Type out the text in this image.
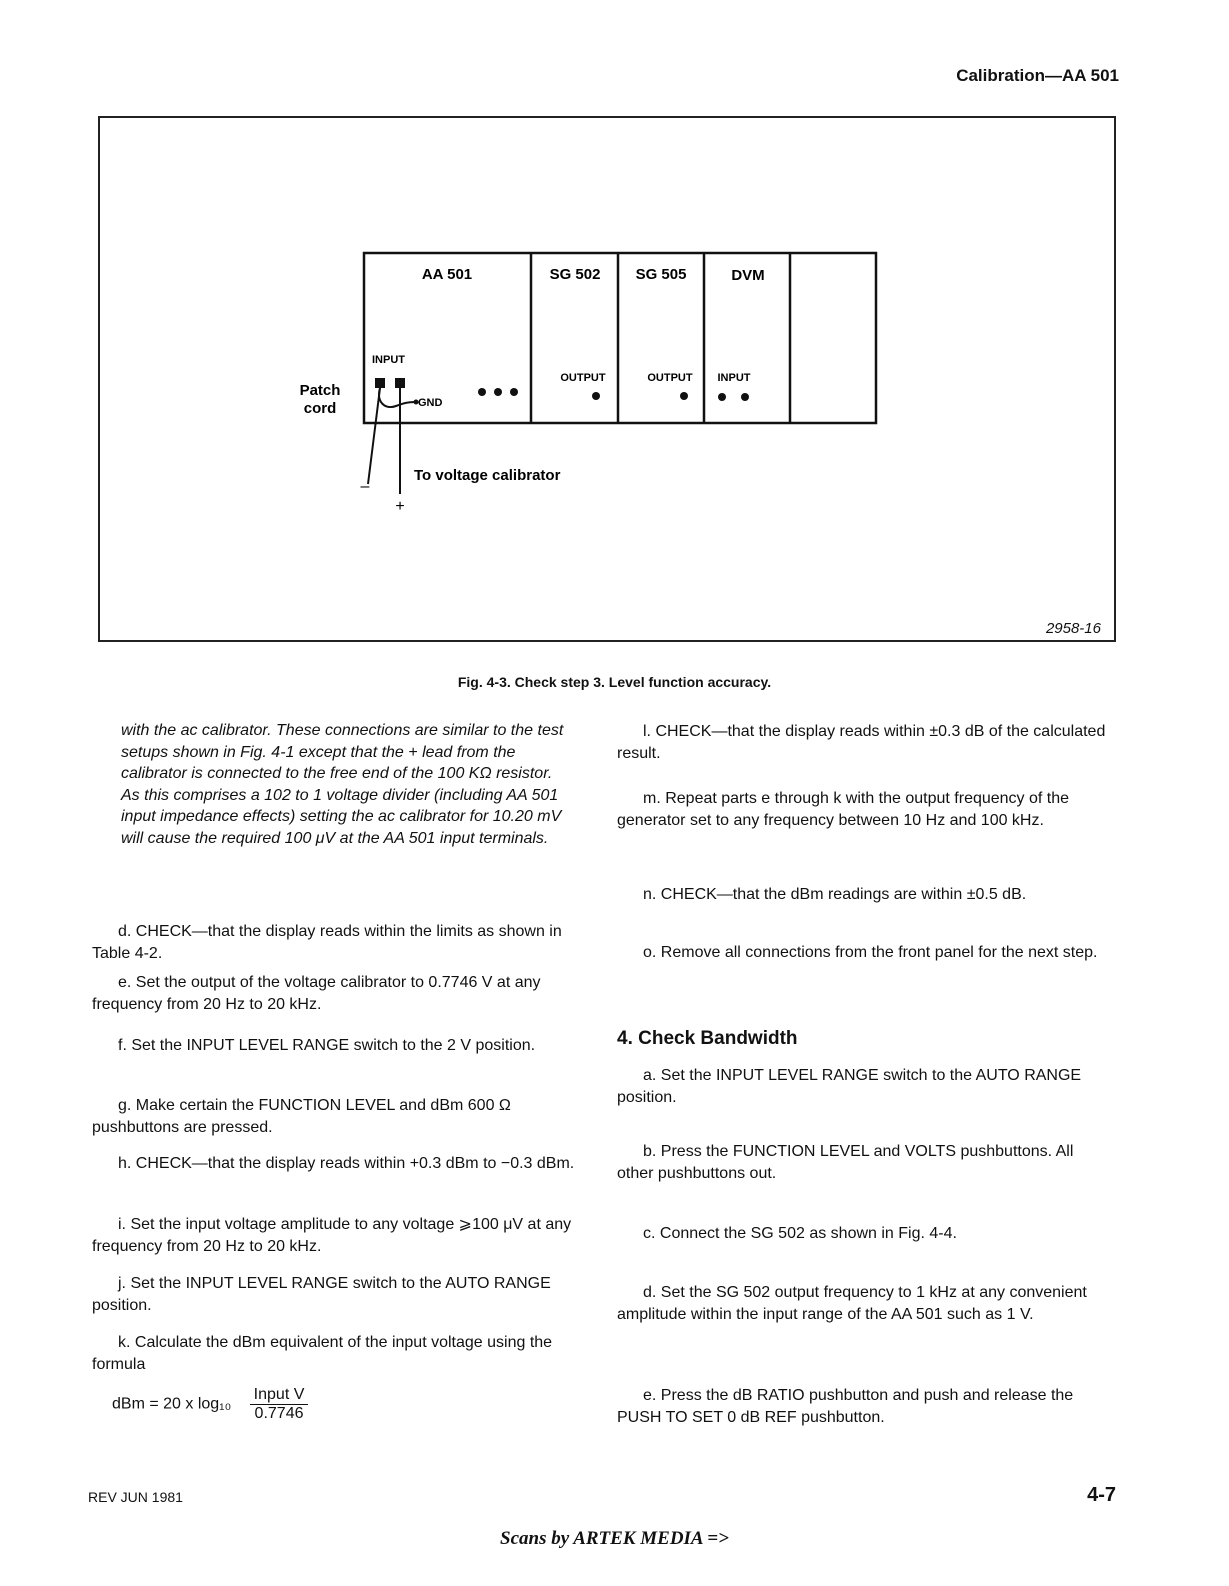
Calibration—AA 501
AA 501	SG 502 SG 505	DVM
INPUT
GND
OUTPUT	OUTPUT INPUT
Patch
cord
To voltage calibrator
–
+
2958-16
Fig. 4-3. Check step 3. Level function accuracy.
with the ac calibrator. These connections are similar to the test setups shown in Fig. 4-1 except that the + lead from the calibrator is connected to the free end of the 100 KΩ resistor. As this comprises a 102 to 1 voltage divider (including AA 501 input impedance effects) setting the ac calibrator for 10.20 mV will cause the required 100 μV at the AA 501 input terminals.

d. CHECK—that the display reads within the limits as shown in Table 4-2.

e. Set the output of the voltage calibrator to 0.7746 V at any frequency from 20 Hz to 20 kHz.

f. Set the INPUT LEVEL RANGE switch to the 2 V position.

g. Make certain the FUNCTION LEVEL and dBm 600 Ω pushbuttons are pressed.

h. CHECK—that the display reads within +0.3 dBm to −0.3 dBm.

i. Set the input voltage amplitude to any voltage ⩾100 μV at any frequency from 20 Hz to 20 kHz.

j. Set the INPUT LEVEL RANGE switch to the AUTO RANGE position.

k. Calculate the dBm equivalent of the input voltage using the formula

dBm = 20 x $\log_{10} \frac{\text{Input V}}{0.7746}$

l. CHECK—that the display reads within ±0.3 dB of the calculated result.

m. Repeat parts e through k with the output frequency of the generator set to any frequency between 10 Hz and 100 kHz.

n. CHECK—that the dBm readings are within ±0.5 dB.

o. Remove all connections from the front panel for the next step.

4. Check Bandwidth

a. Set the INPUT LEVEL RANGE switch to the AUTO RANGE position.

b. Press the FUNCTION LEVEL and VOLTS pushbuttons. All other pushbuttons out.

c. Connect the SG 502 as shown in Fig. 4-4.

d. Set the SG 502 output frequency to 1 kHz at any convenient amplitude within the input range of the AA 501 such as 1 V.

e. Press the dB RATIO pushbutton and push and release the PUSH TO SET 0 dB REF pushbutton.

REV JUN 1981	4-7
Scans by ARTEK MEDIA =>
